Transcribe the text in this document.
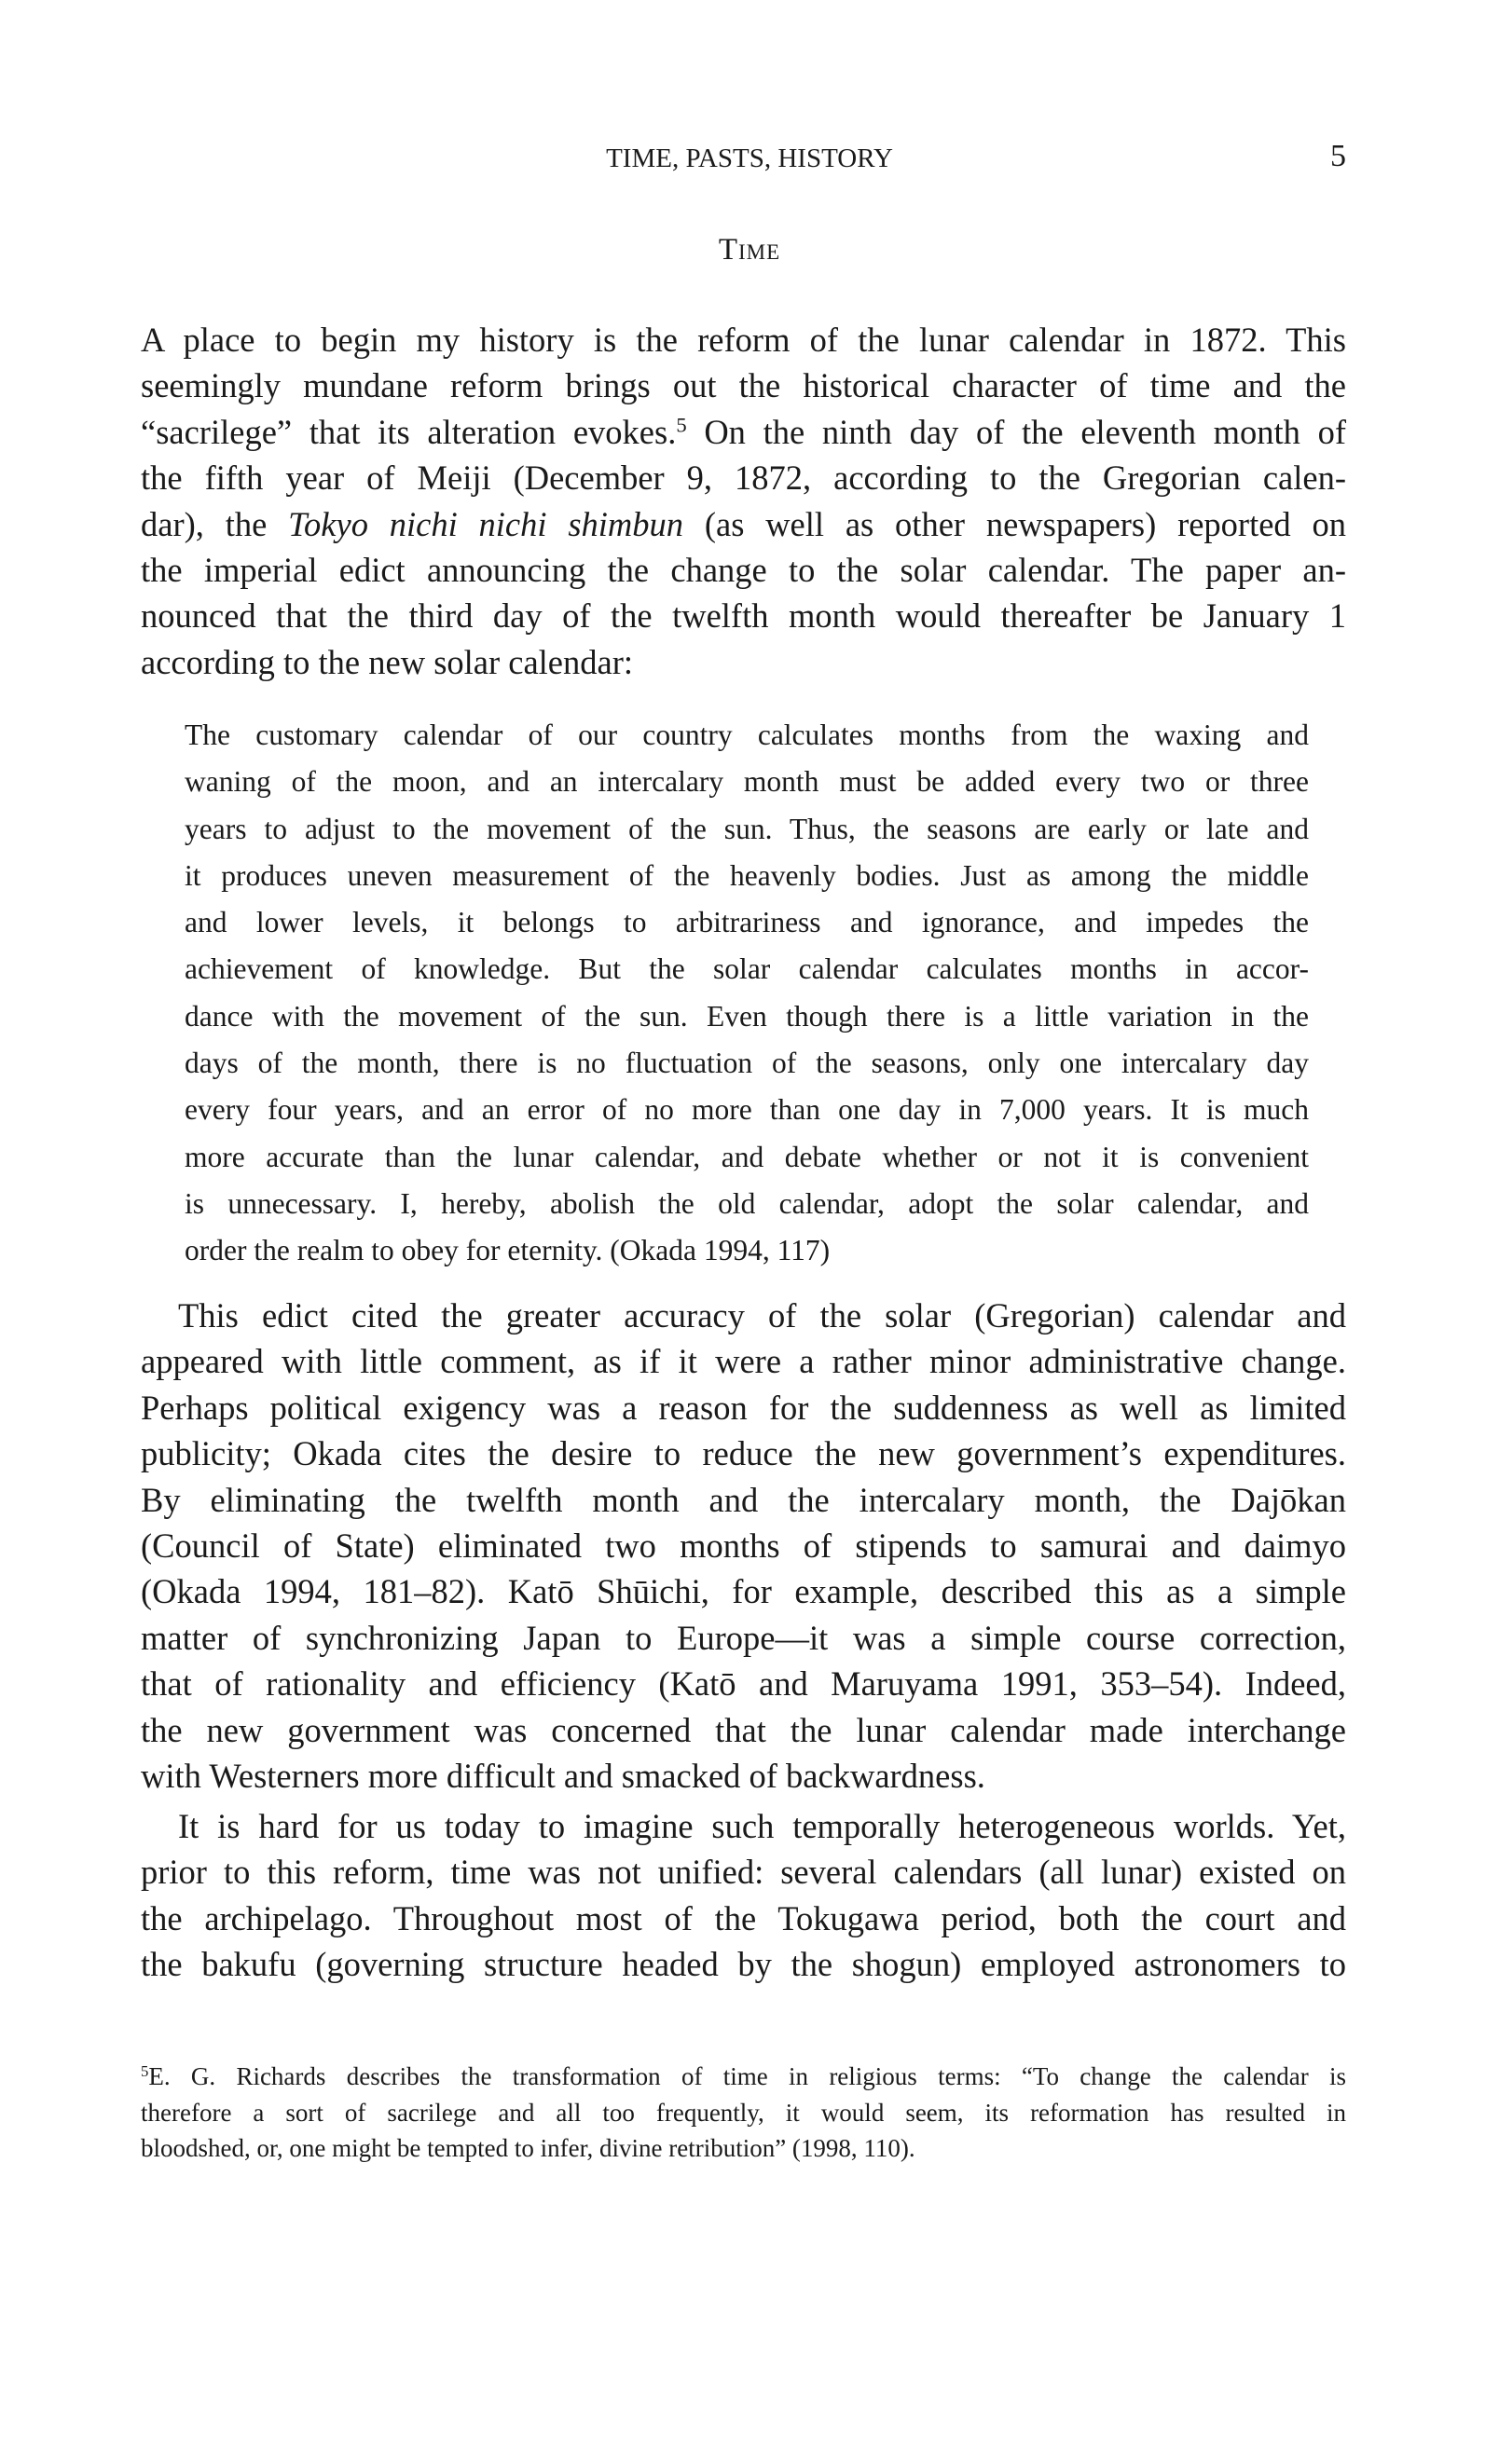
TIME, PASTS, HISTORY	5
Time
A place to begin my history is the reform of the lunar calendar in 1872. This
seemingly mundane reform brings out the historical character of time and the
“sacrilege” that its alteration evokes.$^5$ On the ninth day of the eleventh month of
the fifth year of Meiji (December 9, 1872, according to the Gregorian calen-
dar), the Tokyo nichi nichi shimbun (as well as other newspapers) reported on
the imperial edict announcing the change to the solar calendar. The paper an-
nounced that the third day of the twelfth month would thereafter be January 1
according to the new solar calendar:
The customary calendar of our country calculates months from the waxing and
waning of the moon, and an intercalary month must be added every two or three
years to adjust to the movement of the sun. Thus, the seasons are early or late and
it produces uneven measurement of the heavenly bodies. Just as among the middle
and lower levels, it belongs to arbitrariness and ignorance, and impedes the
achievement of knowledge. But the solar calendar calculates months in accor-
dance with the movement of the sun. Even though there is a little variation in the
days of the month, there is no fluctuation of the seasons, only one intercalary day
every four years, and an error of no more than one day in 7,000 years. It is much
more accurate than the lunar calendar, and debate whether or not it is convenient
is unnecessary. I, hereby, abolish the old calendar, adopt the solar calendar, and
order the realm to obey for eternity. (Okada 1994, 117)
This edict cited the greater accuracy of the solar (Gregorian) calendar and
appeared with little comment, as if it were a rather minor administrative change.
Perhaps political exigency was a reason for the suddenness as well as limited
publicity; Okada cites the desire to reduce the new government’s expenditures.
By eliminating the twelfth month and the intercalary month, the Dajōkan
(Council of State) eliminated two months of stipends to samurai and daimyo
(Okada 1994, 181–82). Katō Shūichi, for example, described this as a simple
matter of synchronizing Japan to Europe—it was a simple course correction,
that of rationality and efficiency (Katō and Maruyama 1991, 353–54). Indeed,
the new government was concerned that the lunar calendar made interchange
with Westerners more difficult and smacked of backwardness.
It is hard for us today to imagine such temporally heterogeneous worlds. Yet,
prior to this reform, time was not unified: several calendars (all lunar) existed on
the archipelago. Throughout most of the Tokugawa period, both the court and
the bakufu (governing structure headed by the shogun) employed astronomers to
$^5$E. G. Richards describes the transformation of time in religious terms: “To change the calendar is
therefore a sort of sacrilege and all too frequently, it would seem, its reformation has resulted in
bloodshed, or, one might be tempted to infer, divine retribution” (1998, 110).
